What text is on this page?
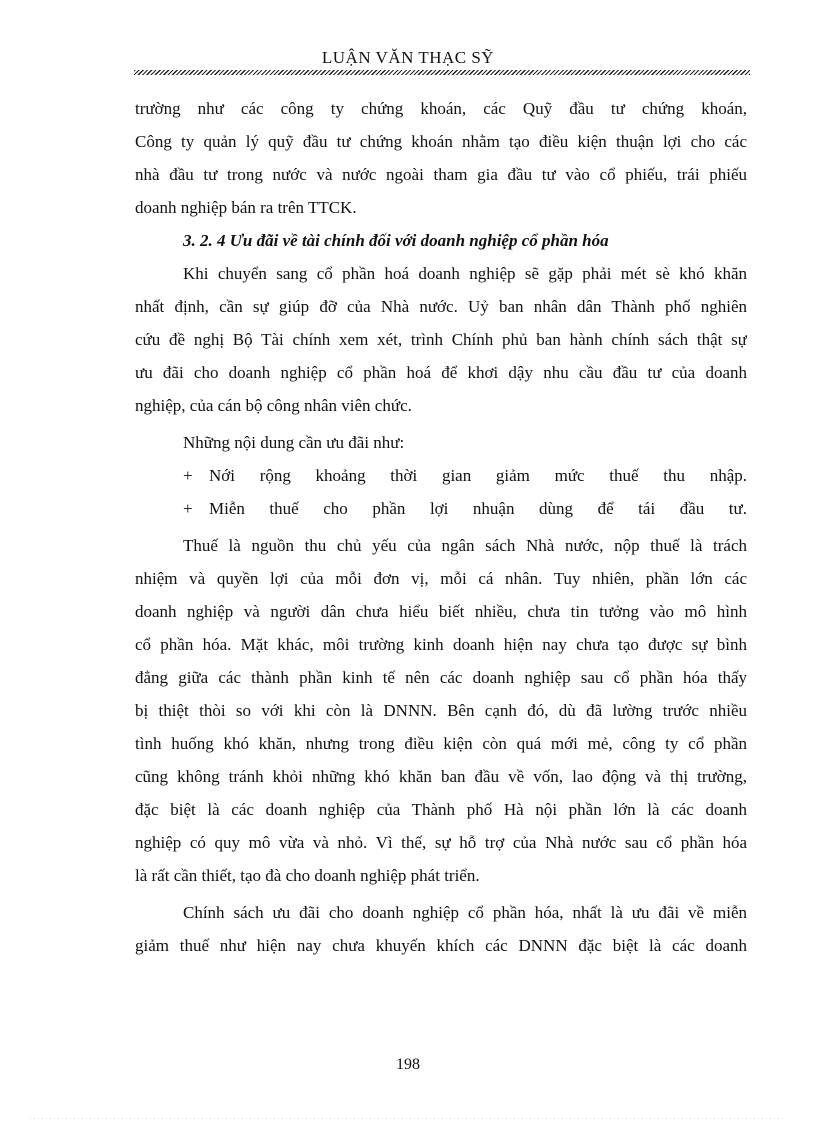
LUẬN VĂN THẠC SỸ
trường như các công ty chứng khoán, các Quỹ đầu tư chứng khoán,
Công ty quản lý quỹ đầu tư chứng khoán nhằm tạo điều kiện thuận lợi cho các
nhà đầu tư trong nước và nước ngoài tham gia đầu tư vào cổ phiếu, trái phiếu
doanh nghiệp bán ra trên TTCK.
3. 2. 4 Ưu đãi về tài chính đối với doanh nghiệp cổ phần hóa
Khi chuyển sang cổ phần hoá doanh nghiệp sẽ gặp phải mét sè khó khăn
nhất định, cần sự giúp đỡ của Nhà nước. Uỷ ban nhân dân Thành phố nghiên
cứu đề nghị Bộ Tài chính xem xét, trình Chính phủ ban hành chính sách thật sự
ưu đãi cho doanh nghiệp cổ phần hoá để khơi dậy nhu cầu đầu tư của doanh
nghiệp, của cán bộ công nhân viên chức.
Những nội dung cần ưu đãi như:
+ Nới rộng khoảng thời gian giảm mức thuế thu nhập.
+ Miễn thuế cho phần lợi nhuận dùng để tái đầu tư.
Thuế là nguồn thu chủ yếu của ngân sách Nhà nước, nộp thuế là trách
nhiệm và quyền lợi của mỗi đơn vị, mỗi cá nhân. Tuy nhiên, phần lớn các
doanh nghiệp và người dân chưa hiểu biết nhiều, chưa tin tưởng vào mô hình
cổ phần hóa. Mặt khác, môi trường kinh doanh hiện nay chưa tạo được sự bình
đẳng giữa các thành phần kinh tế nên các doanh nghiệp sau cổ phần hóa thấy
bị thiệt thòi so với khi còn là DNNN. Bên cạnh đó, dù đã lường trước nhiều
tình huống khó khăn, nhưng trong điều kiện còn quá mới mẻ, công ty cổ phần
cũng không tránh khỏi những khó khăn ban đầu về vốn, lao động và thị trường,
đặc biệt là các doanh nghiệp của Thành phố Hà nội phần lớn là các doanh
nghiệp có quy mô vừa và nhỏ. Vì thế, sự hỗ trợ của Nhà nước sau cổ phần hóa
là rất cần thiết, tạo đà cho doanh nghiệp phát triển.
Chính sách ưu đãi cho doanh nghiệp cổ phần hóa, nhất là ưu đãi về miễn
giảm thuế như hiện nay chưa khuyến khích các DNNN đặc biệt là các doanh
198
